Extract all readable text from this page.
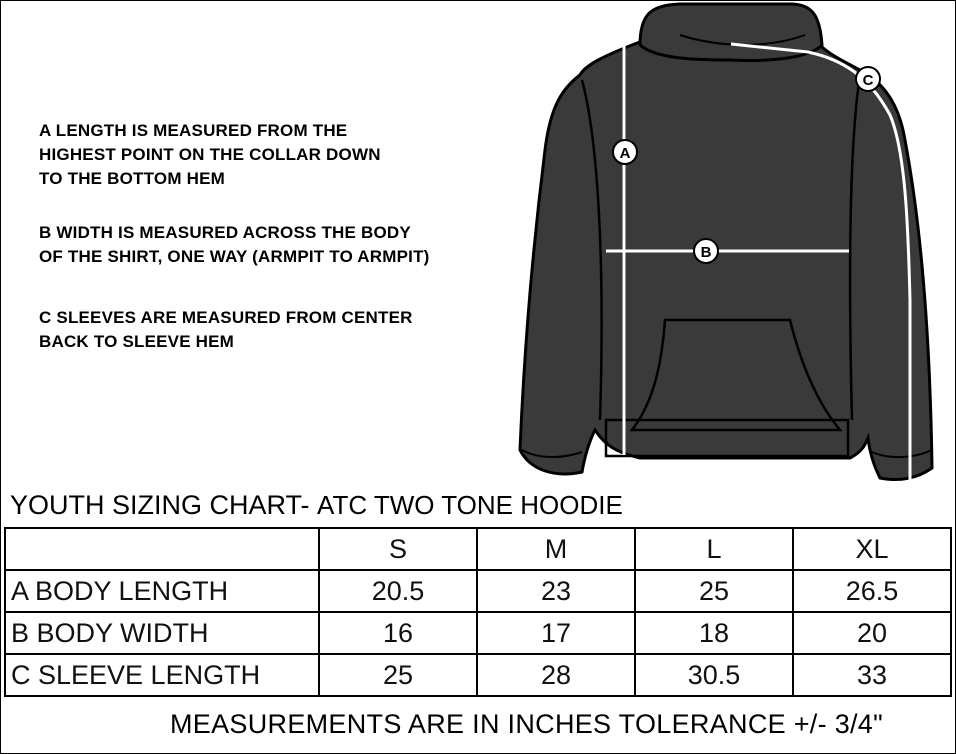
A LENGTH IS MEASURED FROM THE
HIGHEST POINT ON THE COLLAR DOWN
TO THE BOTTOM HEM
B WIDTH IS MEASURED ACROSS THE BODY
OF THE SHIRT, ONE WAY (ARMPIT TO ARMPIT)
C SLEEVES ARE MEASURED FROM CENTER
BACK TO SLEEVE HEM
A
B
C
YOUTH SIZING CHART- ATC TWO TONE HOODIE
	S	M	L	XL
A BODY LENGTH	20.5	23	25	26.5
B BODY WIDTH	16	17	18	20
C SLEEVE LENGTH	25	28	30.5	33
MEASUREMENTS ARE IN INCHES TOLERANCE +/- 3/4"
